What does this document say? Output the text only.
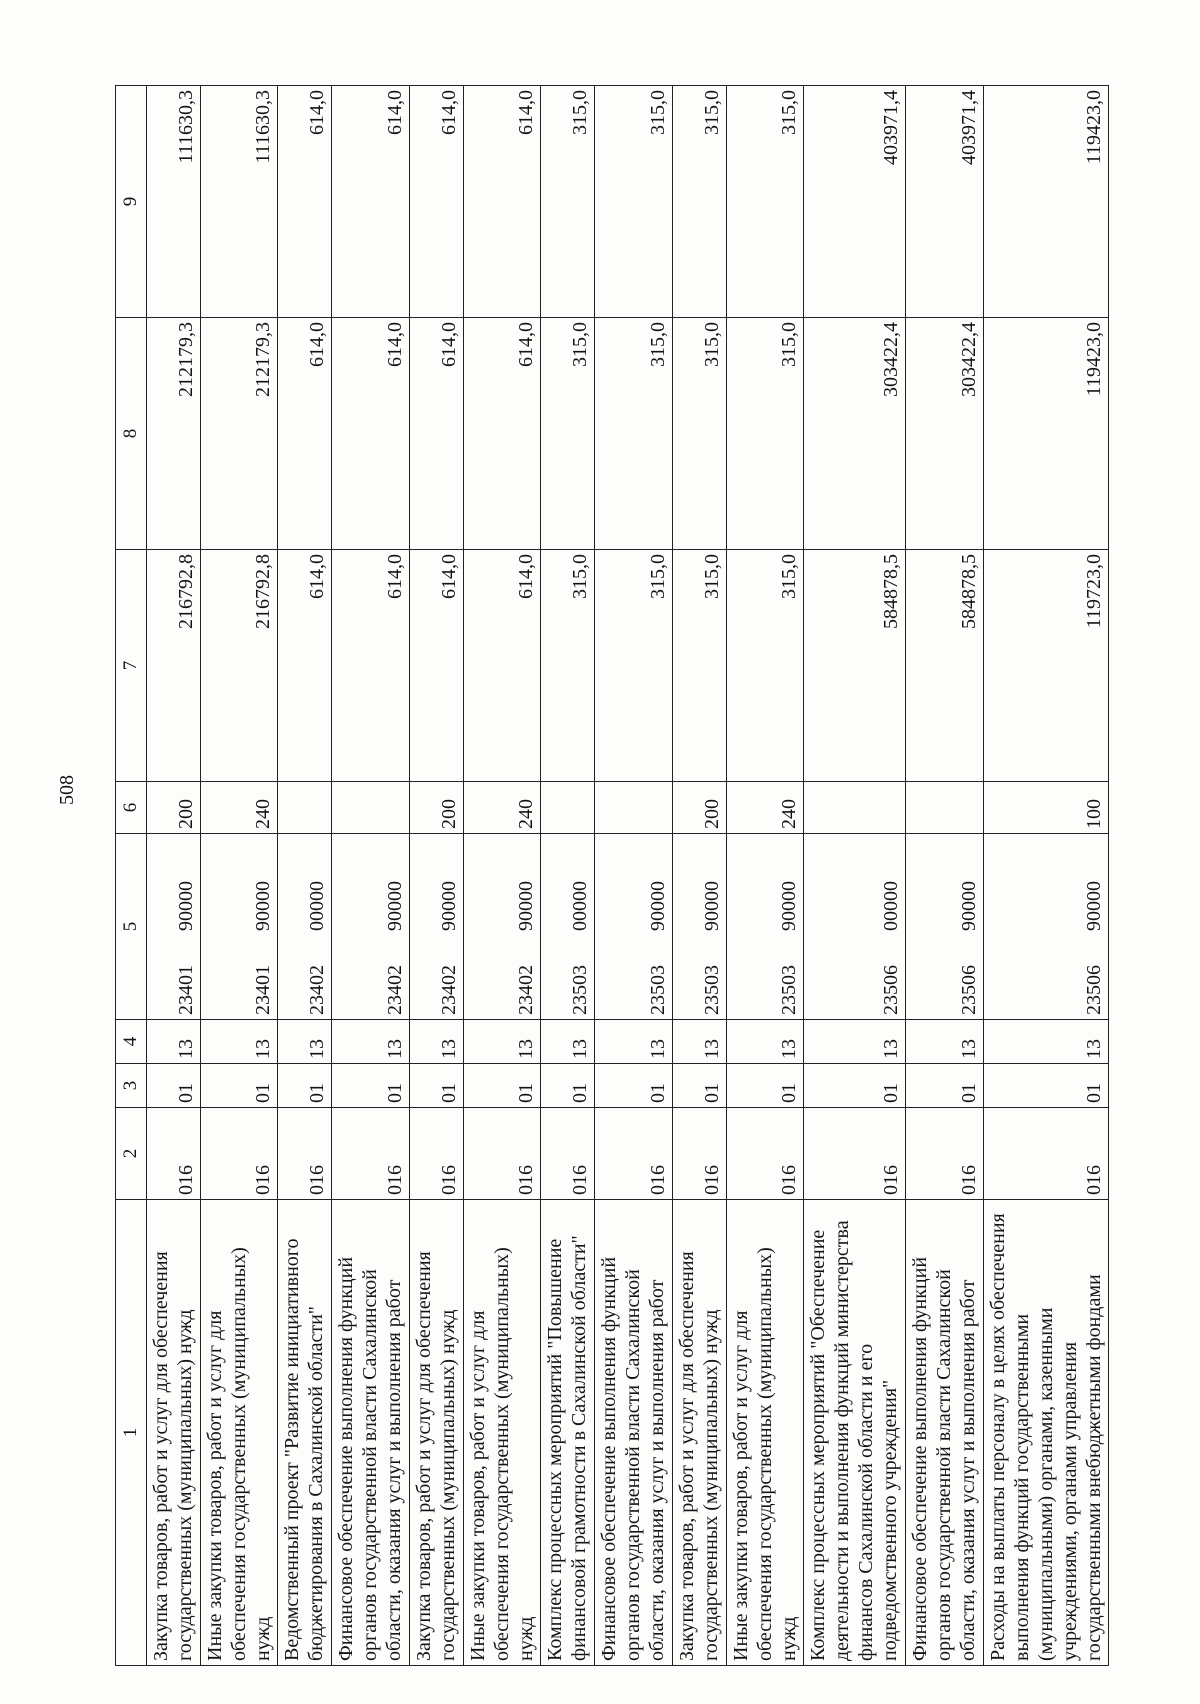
508
1	2	3	4	5	6	7	8	9
Закупка товаров, работ и услуг для обеспечения государственных (муниципальных) нужд	016	01	13	2340190000	200	216792,8	212179,3	111630,3
Иные закупки товаров, работ и услуг для обеспечения государственных (муниципальных) нужд	016	01	13	2340190000	240	216792,8	212179,3	111630,3
Ведомственный проект "Развитие инициативного бюджетирования в Сахалинской области"	016	01	13	2340200000		614,0	614,0	614,0
Финансовое обеспечение выполнения функций органов государственной власти Сахалинской области, оказания услуг и выполнения работ	016	01	13	2340290000		614,0	614,0	614,0
Закупка товаров, работ и услуг для обеспечения государственных (муниципальных) нужд	016	01	13	2340290000	200	614,0	614,0	614,0
Иные закупки товаров, работ и услуг для обеспечения государственных (муниципальных) нужд	016	01	13	2340290000	240	614,0	614,0	614,0
Комплекс процессных мероприятий "Повышение финансовой грамотности в Сахалинской области"	016	01	13	2350300000		315,0	315,0	315,0
Финансовое обеспечение выполнения функций органов государственной власти Сахалинской области, оказания услуг и выполнения работ	016	01	13	2350390000		315,0	315,0	315,0
Закупка товаров, работ и услуг для обеспечения государственных (муниципальных) нужд	016	01	13	2350390000	200	315,0	315,0	315,0
Иные закупки товаров, работ и услуг для обеспечения государственных (муниципальных) нужд	016	01	13	2350390000	240	315,0	315,0	315,0
Комплекс процессных мероприятий "Обеспечение деятельности и выполнения функций министерства финансов Сахалинской области и его подведомственного учреждения"	016	01	13	2350600000		584878,5	303422,4	403971,4
Финансовое обеспечение выполнения функций органов государственной власти Сахалинской области, оказания услуг и выполнения работ	016	01	13	2350690000		584878,5	303422,4	403971,4
Расходы на выплаты персоналу в целях обеспечения выполнения функций государственными (муниципальными) органами, казенными учреждениями, органами управления государственными внебюджетными фондами	016	01	13	2350690000	100	119723,0	119423,0	119423,0
